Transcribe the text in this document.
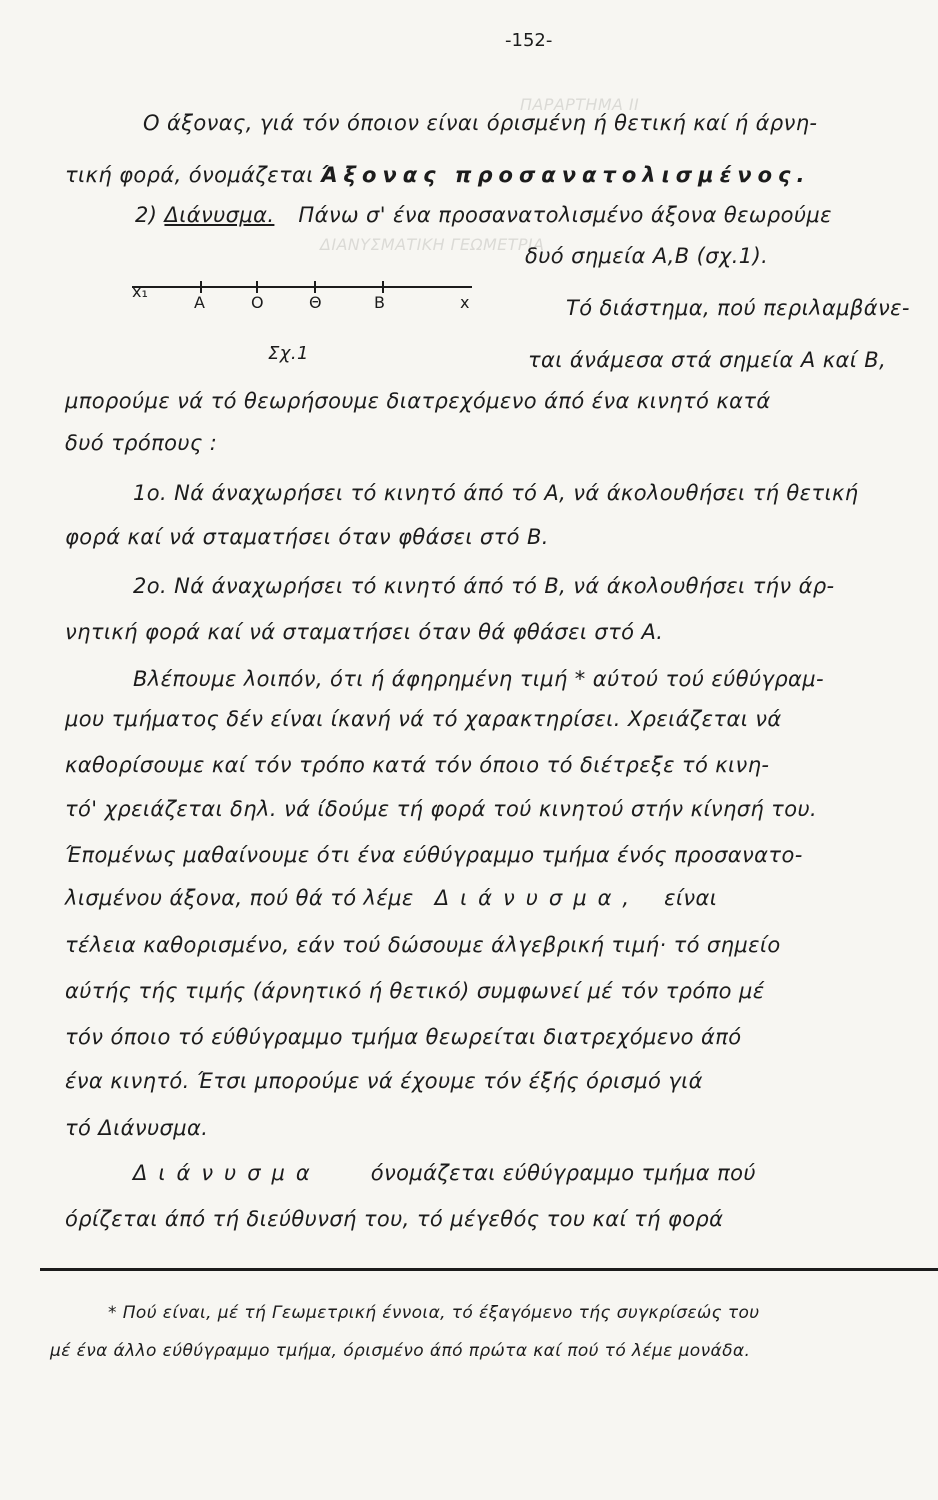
-152-
ΠΑΡΑΡΤΗΜΑ ΙΙ
ΔΙΑΝΥΣΜΑΤΙΚΗ ΓΕΩΜΕΤΡΙΑ
Ο άξονας, γιά τόν όποιον είναι όρισμένη ή θετική καί ή άρνη-
τική φορά, όνομάζεται Άξονας προσανατολισμένος.
2) Διάνυσμα. Πάνω σ' ένα προσανατολισμένο άξονα θεωρούμε
δυό σημεία Α,Β (σχ.1).
x₁
Α	Ο	Θ	Β	x	Τό διάστημα, πού περιλαμβάνε-
Σχ.1	ται άνάμεσα στά σημεία Α καί Β,
μπορούμε νά τό θεωρήσουμε διατρεχόμενο άπό ένα κινητό κατά
δυό τρόπους :
1ο. Νά άναχωρήσει τό κινητό άπό τό Α, νά άκολουθήσει τή θετική
φορά καί νά σταματήσει όταν φθάσει στό Β.
2ο. Νά άναχωρήσει τό κινητό άπό τό Β, νά άκολουθήσει τήν άρ-
νητική φορά καί νά σταματήσει όταν θά φθάσει στό Α.
Βλέπουμε λοιπόν, ότι ή άφηρημένη τιμή * αύτού τού εύθύγραμ-
μου τμήματος δέν είναι ίκανή νά τό χαρακτηρίσει. Χρειάζεται νά
καθορίσουμε καί τόν τρόπο κατά τόν όποιο τό διέτρεξε τό κινη-
τό' χρειάζεται δηλ. νά ίδούμε τή φορά τού κινητού στήν κίνησή του.
Έπομένως μαθαίνουμε ότι ένα εύθύγραμμο τμήμα ένός προσανατο-
λισμένου άξονα, πού θά τό λέμε Διάνυσμα, είναι
τέλεια καθορισμένο, εάν τού δώσουμε άλγεβρική τιμή· τό σημείο
αύτής τής τιμής (άρνητικό ή θετικό) συμφωνεί μέ τόν τρόπο μέ
τόν όποιο τό εύθύγραμμο τμήμα θεωρείται διατρεχόμενο άπό
ένα κινητό. Έτσι μπορούμε νά έχουμε τόν έξής όρισμό γιά
τό Διάνυσμα.
Διάνυσμα όνομάζεται εύθύγραμμο τμήμα πού
όρίζεται άπό τή διεύθυνσή του, τό μέγεθός του καί τή φορά
* Πού είναι, μέ τή Γεωμετρική έννοια, τό έξαγόμενο τής συγκρίσεώς του
μέ ένα άλλο εύθύγραμμο τμήμα, όρισμένο άπό πρώτα καί πού τό λέμε μονάδα.
